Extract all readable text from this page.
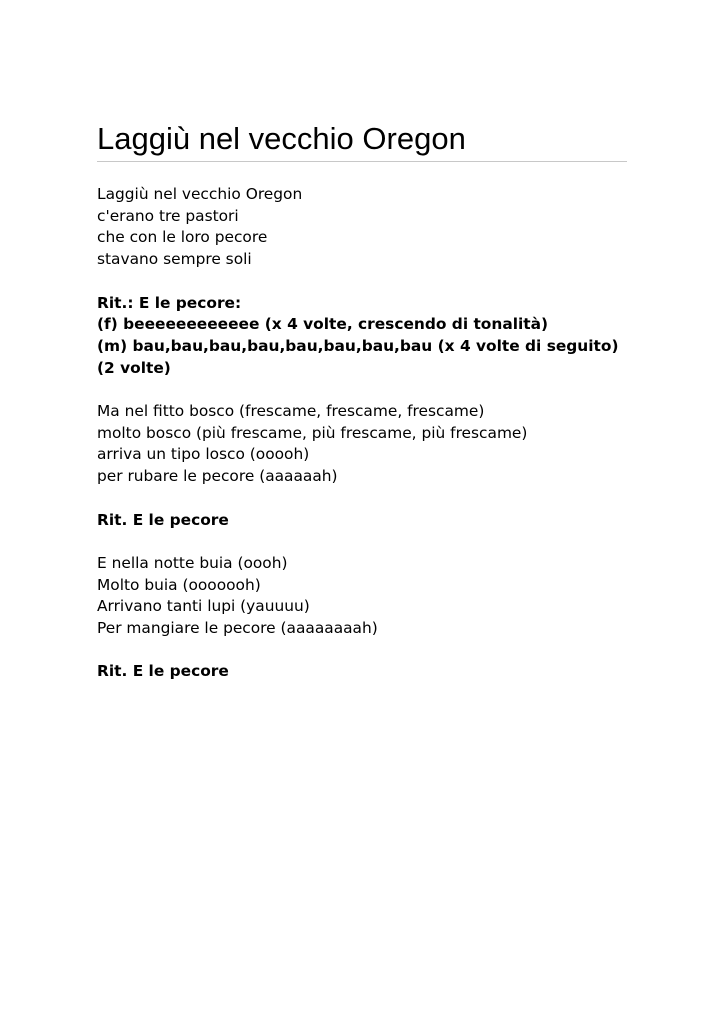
Laggiù nel vecchio Oregon
Laggiù nel vecchio Oregon
c'erano tre pastori
che con le loro pecore
stavano sempre soli
Rit.: E le pecore:
(f) beeeeeeeeeeee (x 4 volte, crescendo di tonalità)
(m) bau,bau,bau,bau,bau,bau,bau,bau (x 4 volte di seguito)
(2 volte)
Ma nel fitto bosco (frescame, frescame, frescame)
molto bosco (più frescame, più frescame, più frescame)
arriva un tipo losco (ooooh)
per rubare le pecore (aaaaaah)
Rit. E le pecore
E nella notte buia (oooh)
Molto buia (ooooooh)
Arrivano tanti lupi (yauuuu)
Per mangiare le pecore (aaaaaaaah)
Rit. E le pecore
